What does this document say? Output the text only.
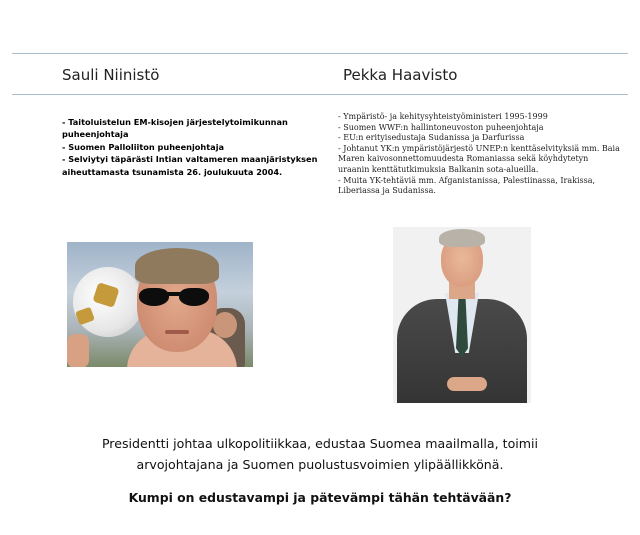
Sauli Niinistö	Pekka Haavisto
- Taitoluistelun EM-kisojen järjestelytoimikunnan puheenjohtaja
- Suomen Palloliiton puheenjohtaja
- Selviytyi täpärästi Intian valtameren maanjäristyksen aiheuttamasta tsunamista 26. joulukuuta 2004.
- Ympäristö- ja kehitysyhteistyöministeri 1995-1999
- Suomen WWF:n hallintoneuvoston puheenjohtaja
- EU:n erityisedustaja Sudanissa ja Darfurissa
- Johtanut YK:n ympäristöjärjestö UNEP:n kenttäselvityksiä mm. Baia Maren kaivosonnettomuudesta Romaniassa sekä köyhdytetyn uraanin kenttätutkimuksia Balkanin sota-alueilla.
- Muita YK-tehtäviä mm. Afganistanissa, Palestiinassa, Irakissa, Liberiassa ja Sudanissa.
Presidentti johtaa ulkopolitiikkaa, edustaa Suomea maailmalla, toimii
arvojohtajana ja Suomen puolustusvoimien ylipäällikkönä.
Kumpi on edustavampi ja pätevämpi tähän tehtävään?
